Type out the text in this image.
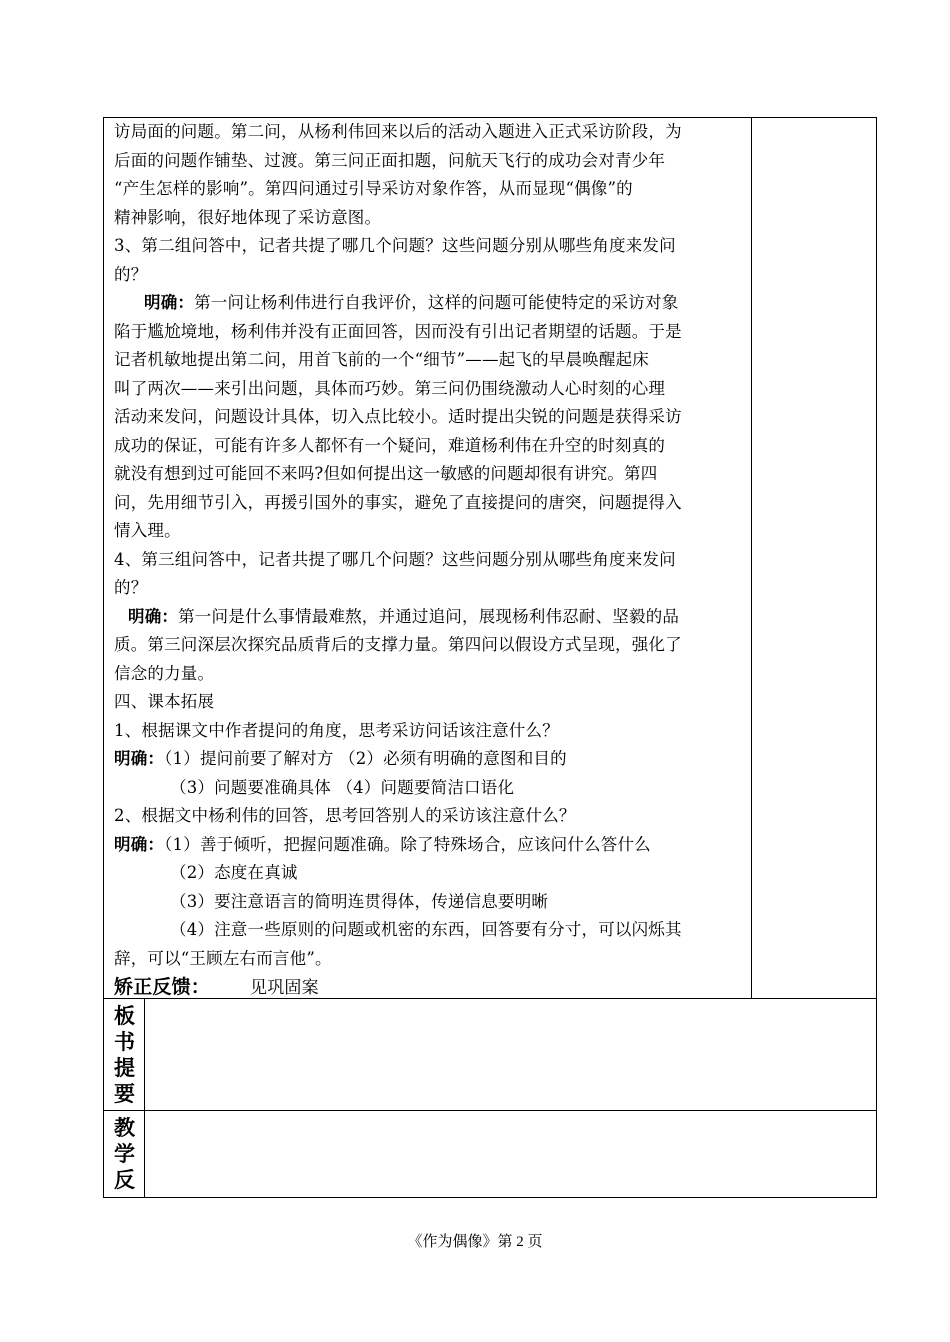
访局面的问题。第二问，从杨利伟回来以后的活动入题进入正式采访阶段，为
后面的问题作铺垫、过渡。第三问正面扣题，问航天飞行的成功会对青少年
“产生怎样的影响”。第四问通过引导采访对象作答，从而显现“偶像”的
精神影响，很好地体现了采访意图。
3、第二组问答中，记者共提了哪几个问题？这些问题分别从哪些角度来发问
的？
明确：第一问让杨利伟进行自我评价，这样的问题可能使特定的采访对象
陷于尴尬境地，杨利伟并没有正面回答，因而没有引出记者期望的话题。于是
记者机敏地提出第二问，用首飞前的一个“细节”——起飞的早晨唤醒起床
叫了两次——来引出问题，具体而巧妙。第三问仍围绕激动人心时刻的心理
活动来发问，问题设计具体，切入点比较小。适时提出尖锐的问题是获得采访
成功的保证，可能有许多人都怀有一个疑问，难道杨利伟在升空的时刻真的
就没有想到过可能回不来吗?但如何提出这一敏感的问题却很有讲究。第四
问，先用细节引入，再援引国外的事实，避免了直接提问的唐突，问题提得入
情入理。
4、第三组问答中，记者共提了哪几个问题？这些问题分别从哪些角度来发问
的？
明确：第一问是什么事情最难熬，并通过追问，展现杨利伟忍耐、坚毅的品
质。第三问深层次探究品质背后的支撑力量。第四问以假设方式呈现，强化了
信念的力量。
四、课本拓展
1、根据课文中作者提问的角度，思考采访问话该注意什么？
明确：（1）提问前要了解对方 （2）必须有明确的意图和目的
（3）问题要准确具体 （4）问题要简洁口语化
2、根据文中杨利伟的回答，思考回答别人的采访该注意什么？
明确：（1）善于倾听，把握问题准确。除了特殊场合，应该问什么答什么
（2）态度在真诚
（3）要注意语言的简明连贯得体，传递信息要明晰
（4）注意一些原则的问题或机密的东西，回答要有分寸，可以闪烁其
辞，可以“王顾左右而言他”。
矫正反馈： 见巩固案
板
书
提
要
教
学
反
《作为偶像》第 2 页
